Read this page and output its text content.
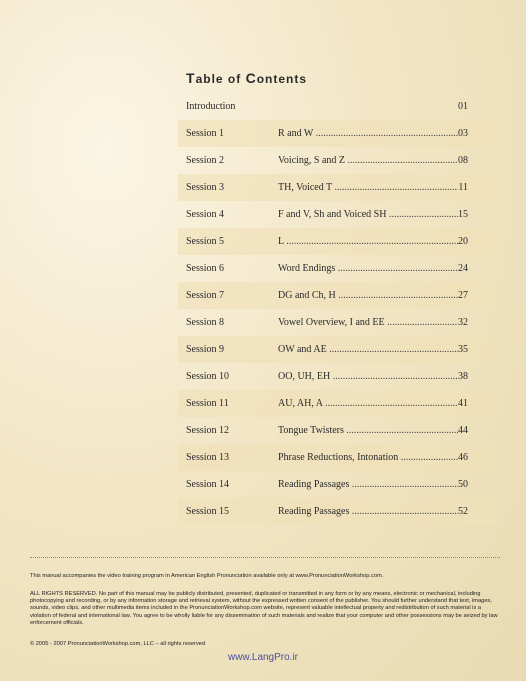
Table of Contents
Introduction	01
Session 1	R and W .....	03
Session 2	Voicing, S and Z .....	08
Session 3	TH, Voiced T .....	11
Session 4	F and V, Sh and Voiced SH .....	15
Session 5	L .....	20
Session 6	Word Endings .....	24
Session 7	DG and Ch, H .....	27
Session 8	Vowel Overview, I and EE .....	32
Session 9	OW and AE .....	35
Session 10	OO, UH, EH .....	38
Session 11	AU, AH, A .....	41
Session 12	Tongue Twisters .....	44
Session 13	Phrase Reductions, Intonation .....	46
Session 14	Reading Passages .....	50
Session 15	Reading Passages .....	52
This manual accompanies the video training program in American English Pronunciation available only at www.PronunciationWorkshop.com.
ALL RIGHTS RESERVED. No part of this manual may be publicly distributed, presented, duplicated or transmitted in any form or by any means, electronic or mechanical, including photocopying and recording, or by any information storage and retrieval system, without the expressed written consent of the publisher. You should further understand that text, images, sounds, video clips, and other multimedia items included in the PronunciationWorkshop.com website, represent valuable intellectual property and redistribution of such material is a violation of federal and international law. You agree to be wholly liable for any dissemination of such materials and realize that your computer and other possessions may be seized by law enforcement officials.
© 2005 - 2007 PronunciationWorkshop.com, LLC – all rights reserved
www.LangPro.ir
